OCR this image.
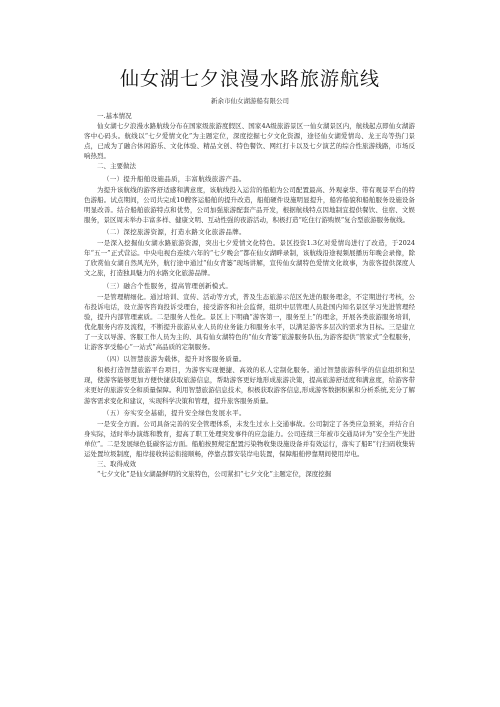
仙女湖七夕浪漫水路旅游航线
新余市仙女湖游船有限公司

一.基本情况

仙女湖七夕浪漫水路航线分布在国家级旅游度假区、国家4A级旅游景区一仙女湖景区内，航线起点即仙女湖游客中心码头。航线以“七夕爱情文化”为主题定位，深度挖掘七夕文化资源，途径仙女湖爱情岛、龙王岛等热门景点，已成为了融合休闲游乐、文化体验、精品文创、特色餐饮、网红打卡以及七夕演艺的综合性旅游线路，市场反响热烈。

二、主要做法

（一）提升船舶设施品质，丰富航线旅游产品。

为提升该航线的游客舒适感和满意度，该航线投入运营的船舶为公司配置最高、外观豪华、带有观景平台的特色游船。试点期间，公司共完成10艘客运船舶的提升改造，船舶硬件设施明显提升，船容船貌和船舶服务设施设备明显改善。结合船舶旅游特点和优势，公司加强旅游配套产品开发，根据航线特点因地制宜提供餐饮、住宿、文娱服务，景区周末举办丰富多样、健康文明、互动性强的夜游活动，积极打造“吃住行游购娱”复合型旅游服务航线。

（二）深挖旅游资源，打造水路文化旅游品牌。

一是深入挖掘仙女湖水路旅游资源，突出七夕爱情文化特色。景区投资1.3亿对爱情岛进行了改造，于2024年“五一”正式营运。中央电视台连续六年的“七夕晚会”都在仙女湖畔录制，该航线沿途视频展播历年晚会录像，除了欣赏仙女湖自然风光外，航行途中通过“仙女背篓”现场讲解，宣传仙女湖特色爱情文化故事，为旅客提供深度人文之旅，打造独具魅力的水路文化旅游品牌。

（三）融合个性服务，提高管理创新模式。

一是管理精细化。通过培训、宣传、活动等方式，普及生态旅游示范区先进的服务理念，不定期进行考核，公布投诉电话，设立游客咨询投诉受理台，接受游客和社会监督，组织中层管理人员赴国内知名景区学习先进管理经验，提升内部管理素质。二是服务人性化。景区上下明确“游客第一，服务至上”的理念，开展各类旅游服务培训，优化服务内容及流程，不断提升旅游从业人员的业务能力和服务水平，以满足游客多层次的需求为目标。三是建立了一支以导游、客服工作人员为主的、具有仙女湖特色的“仙女背篓”旅游服务队伍,为游客提供“管家式”全程服务，让游客享受船心“一站式”高品质的定制服务。

（四）以智慧旅游为载体，提升对客服务质量。

积极打造智慧旅游平台项目，为游客实现便捷、高效的私人定制化服务。通过智慧旅游科学的信息组织和呈现，使游客能够更加方便快捷获取旅游信息，帮助游客更好地形成旅游决策，提高旅游舒适度和满意度，给游客带来更好的旅游安全和质量保障。利用智慧旅游信息技术，积极获取游客信息,形成游客数据积累和分析系统,充分了解游客需求变化和建议，实现科学决策和管理，提升旅客服务质量。

（五）夯实安全基础，提升安全绿色发展水平。

一是安全方面。公司具备完善的安全管理体系，未发生过水上交通事故。公司制定了各类应急预案，并结合自身实际，适时举办演练和教育，提高了职工处理突发事件的应急能力。公司连续三年被市交通局评为“安全生产先进单位”。二是发展绿色低碳客运方面。船舶按照规定配置污染物收集设施设备并有效运行，落实了船E“行扫码收集转运处置垃圾制度，船岸接收转运衔接顺畅，停靠点都安装岸电装置，保障船舶停靠期间使用岸电。

三、取得成效

“七夕文化”是仙女湖最鲜明的文旅特色，公司紧扣“七夕文化”主题定位，深度挖掘
